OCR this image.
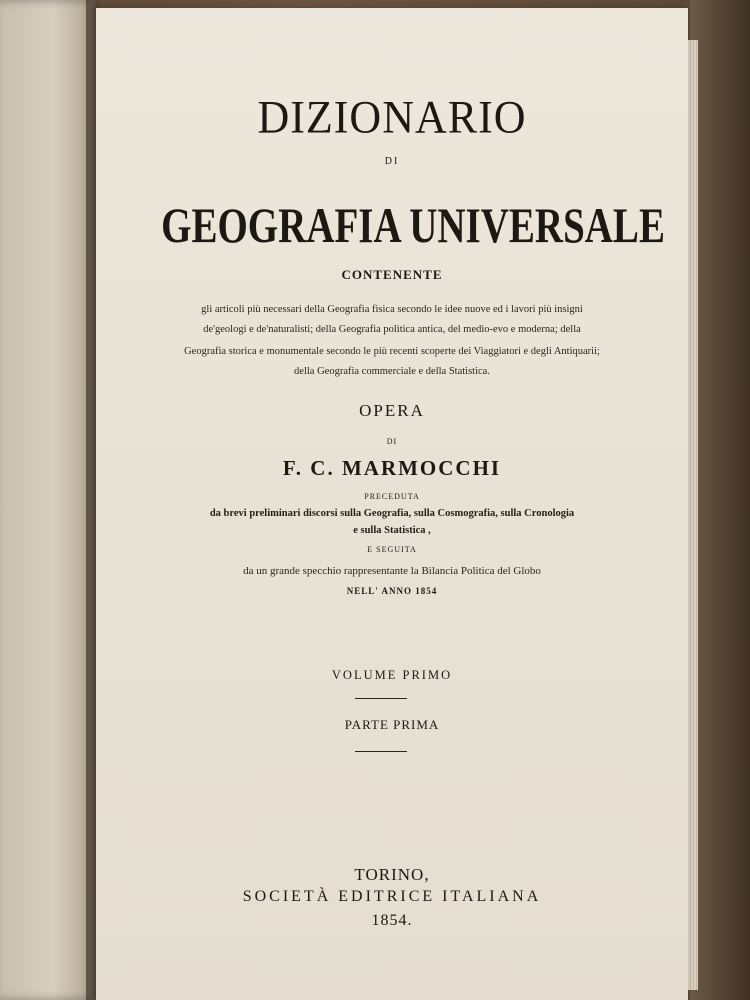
DIZIONARIO
DI
GEOGRAFIA UNIVERSALE
CONTENENTE
gli articoli più necessari della Geografia fisica secondo le idee nuove ed i lavori più insigni
de'geologi e de'naturalisti; della Geografia politica antica, del medio-evo e moderna; della
Geografia storica e monumentale secondo le più recenti scoperte dei Viaggiatori e degli Antiquarii;
della Geografia commerciale e della Statistica.
OPERA
DI
F. C. MARMOCCHI
PRECEDUTA
da brevi preliminari discorsi sulla Geografia, sulla Cosmografia, sulla Cronologia
e sulla Statistica ,
E SEGUITA
da un grande specchio rappresentante la Bilancia Politica del Globo
NELL' ANNO 1854
VOLUME PRIMO
PARTE PRIMA
TORINO,
SOCIETÀ EDITRICE ITALIANA
1854.
